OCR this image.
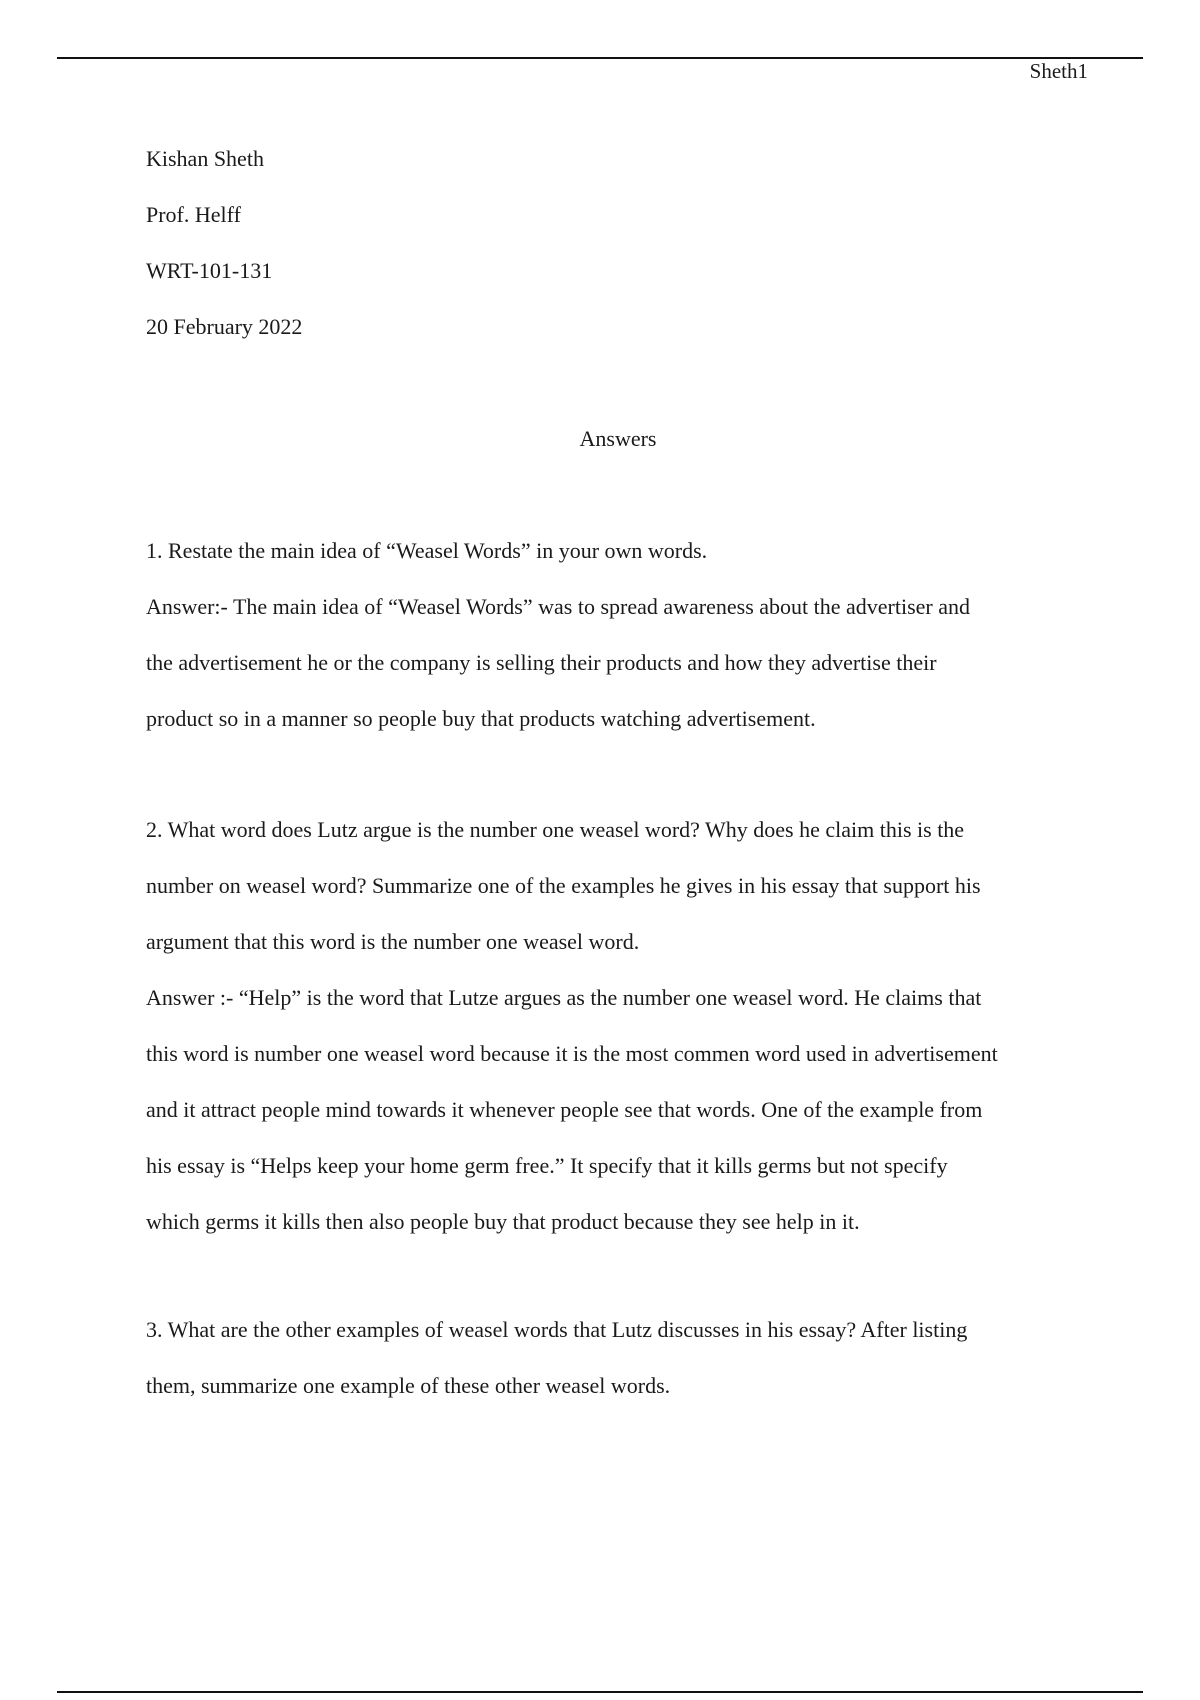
Sheth1
Kishan Sheth
Prof. Helff
WRT-101-131
20 February 2022
Answers
1. Restate the main idea of “Weasel Words” in your own words.
Answer:- The main idea of “Weasel Words” was to spread awareness about the advertiser and
the advertisement he or the company is selling their products and how they advertise their
product so in a manner so people buy that products watching advertisement.
2. What word does Lutz argue is the number one weasel word? Why does he claim this is the
number on weasel word? Summarize one of the examples he gives in his essay that support his
argument that this word is the number one weasel word.
Answer :- “Help” is the word that Lutze argues as the number one weasel word. He claims that
this word is number one weasel word because it is the most commen word used in advertisement
and it attract people mind towards it whenever people see that words. One of the example from
his essay is “Helps keep your home germ free.” It specify that it kills germs but not specify
which germs it kills then also people buy that product because they see help in it.
3. What are the other examples of weasel words that Lutz discusses in his essay? After listing
them, summarize one example of these other weasel words.
